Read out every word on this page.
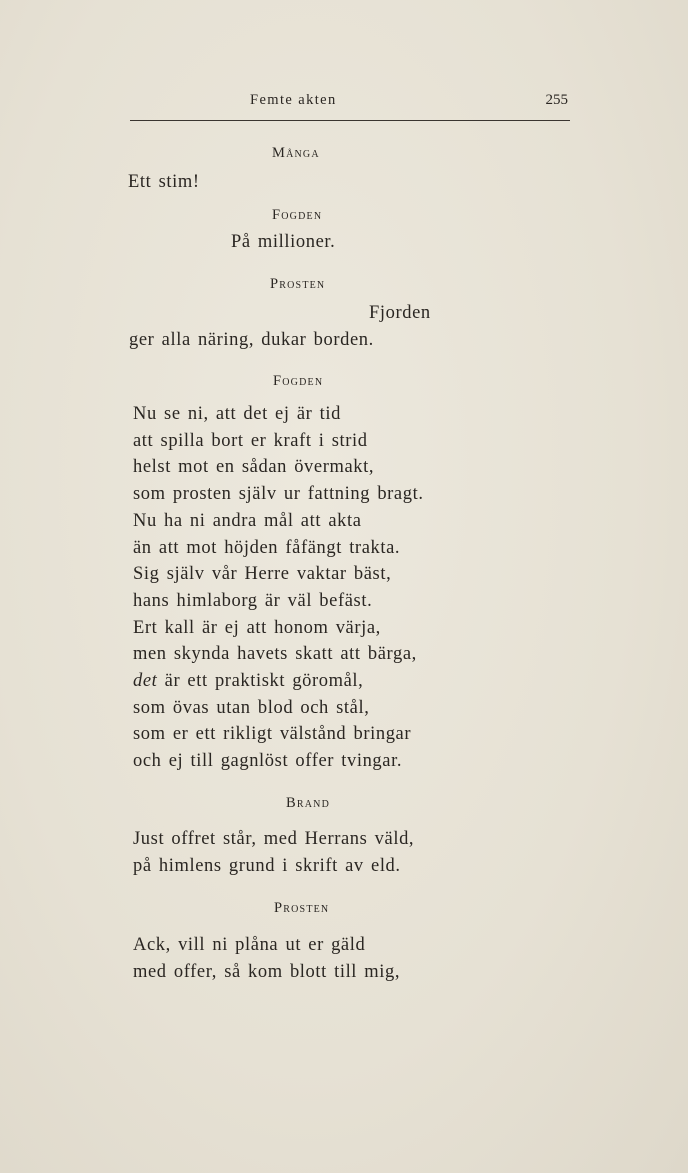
Femte akten	255
Många
Ett stim!
Fogden
På millioner.
Prosten
Fjorden
ger alla näring, dukar borden.
Fogden
Nu se ni, att det ej är tid
att spilla bort er kraft i strid
helst mot en sådan övermakt,
som prosten själv ur fattning bragt.
Nu ha ni andra mål att akta
än att mot höjden fåfängt trakta.
Sig själv vår Herre vaktar bäst,
hans himlaborg är väl befäst.
Ert kall är ej att honom värja,
men skynda havets skatt att bärga,
det är ett praktiskt göromål,
som övas utan blod och stål,
som er ett rikligt välstånd bringar
och ej till gagnlöst offer tvingar.
Brand
Just offret står, med Herrans väld,
på himlens grund i skrift av eld.
Prosten
Ack, vill ni plåna ut er gäld
med offer, så kom blott till mig,
